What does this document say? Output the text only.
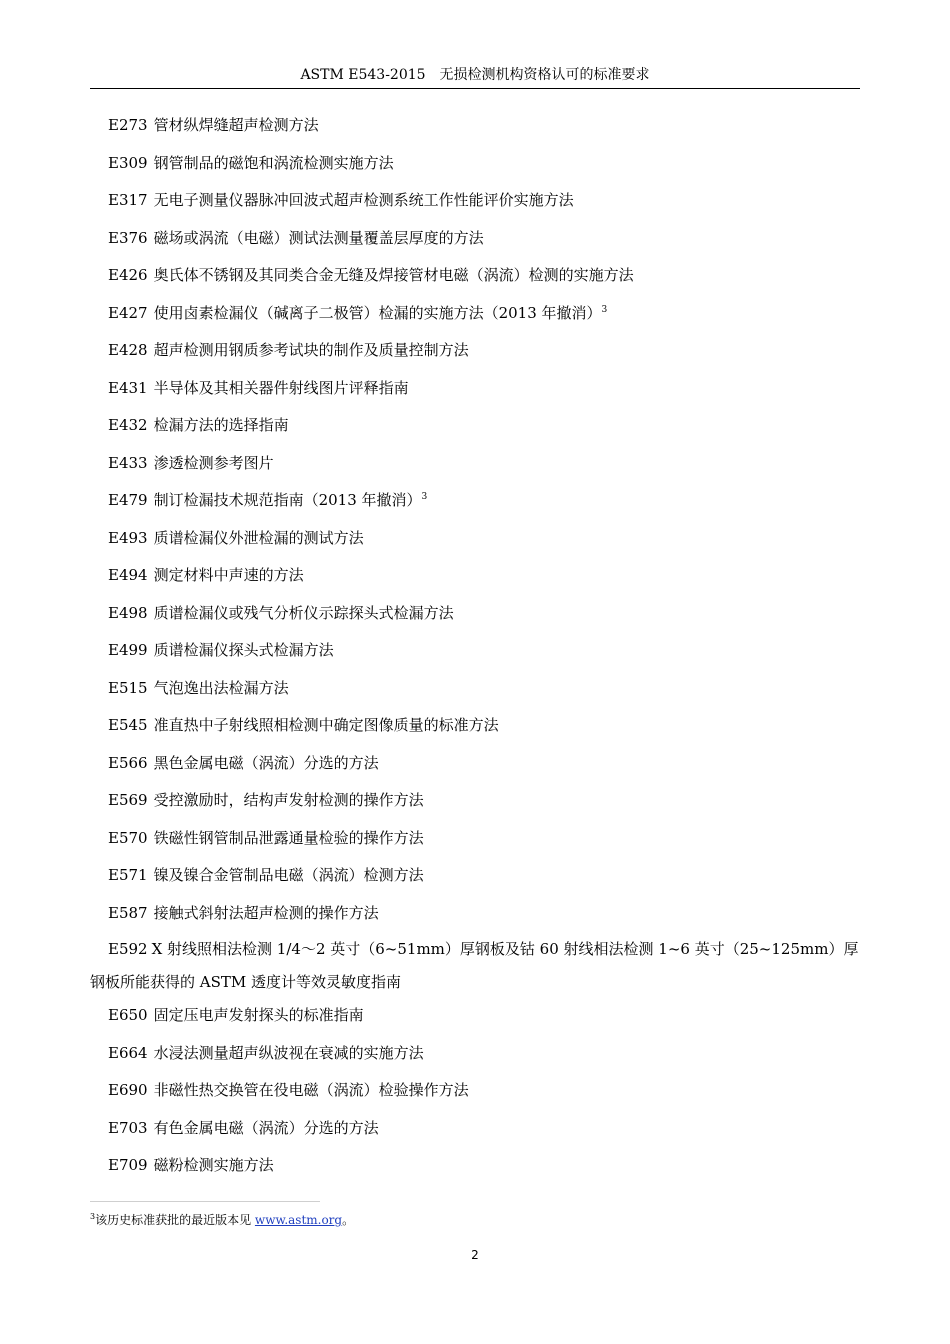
ASTM E543-2015　无损检测机构资格认可的标准要求
E273 管材纵焊缝超声检测方法
E309 钢管制品的磁饱和涡流检测实施方法
E317 无电子测量仪器脉冲回波式超声检测系统工作性能评价实施方法
E376 磁场或涡流（电磁）测试法测量覆盖层厚度的方法
E426 奥氏体不锈钢及其同类合金无缝及焊接管材电磁（涡流）检测的实施方法
E427 使用卤素检漏仪（碱离子二极管）检漏的实施方法（2013 年撤消）$^3$
E428 超声检测用钢质参考试块的制作及质量控制方法
E431 半导体及其相关器件射线图片评释指南
E432 检漏方法的选择指南
E433 渗透检测参考图片
E479 制订检漏技术规范指南（2013 年撤消）$^3$
E493 质谱检漏仪外泄检漏的测试方法
E494 测定材料中声速的方法
E498 质谱检漏仪或残气分析仪示踪探头式检漏方法
E499 质谱检漏仪探头式检漏方法
E515 气泡逸出法检漏方法
E545 准直热中子射线照相检测中确定图像质量的标准方法
E566 黑色金属电磁（涡流）分选的方法
E569 受控激励时，结构声发射检测的操作方法
E570 铁磁性钢管制品泄露通量检验的操作方法
E571 镍及镍合金管制品电磁（涡流）检测方法
E587 接触式斜射法超声检测的操作方法
E592 X 射线照相法检测 1/4～2 英寸（6~51mm）厚钢板及钴 60 射线相法检测 1~6 英寸（25~125mm）厚钢板所能获得的 ASTM 透度计等效灵敏度指南
E650 固定压电声发射探头的标准指南
E664 水浸法测量超声纵波视在衰减的实施方法
E690 非磁性热交换管在役电磁（涡流）检验操作方法
E703 有色金属电磁（涡流）分选的方法
E709 磁粉检测实施方法
$^3$该历史标准获批的最近版本见 www.astm.org。
2
